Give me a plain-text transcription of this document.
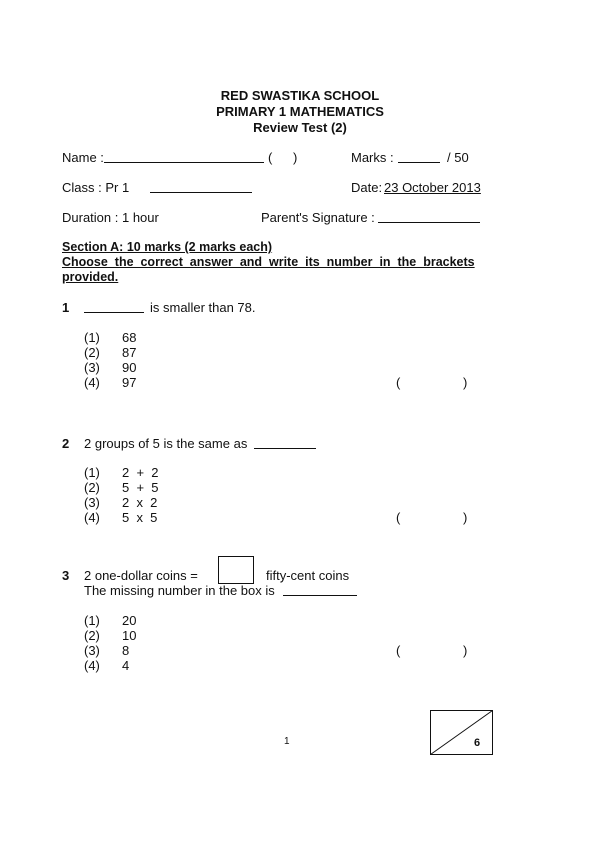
RED SWASTIKA SCHOOL
PRIMARY 1 MATHEMATICS
Review Test (2)
Name :	( )	Marks :	/ 50
Class : Pr 1	Date: 23 October 2013
Duration : 1 hour	Parent's Signature :
Section A: 10 marks (2 marks each)
Choose  the  correct  answer  and  write  its  number  in  the  brackets
provided.
1	is smaller than 78.
(1) 68
(2) 87
(3) 90
(4) 97	(	)
2 2 groups of 5 is the same as
(1) 2  +  2
(2) 5  +  5
(3) 2  x  2
(4) 5  x  5	(	)
3 2 one-dollar coins =	fifty-cent coins
The missing number in the box is
(1) 20
(2) 10
(3) 8
(4) 4
(	)
1	6
